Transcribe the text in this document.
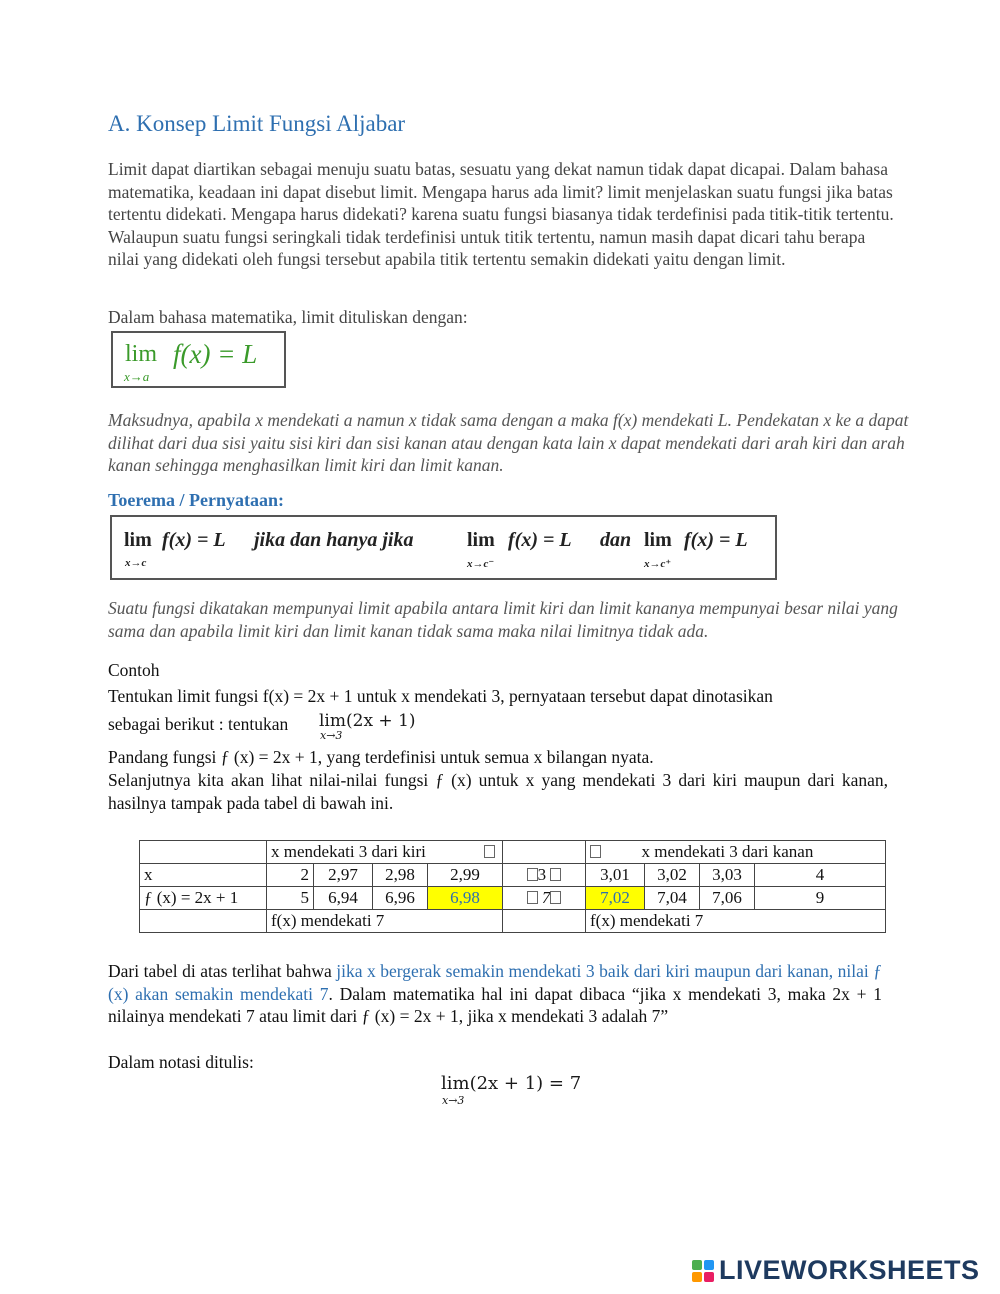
A. Konsep Limit Fungsi Aljabar
Limit dapat diartikan sebagai menuju suatu batas, sesuatu yang dekat namun tidak dapat dicapai. Dalam bahasa matematika, keadaan ini dapat disebut limit. Mengapa harus ada limit? limit menjelaskan suatu fungsi jika batas tertentu didekati. Mengapa harus didekati? karena suatu fungsi biasanya tidak terdefinisi pada titik-titik tertentu. Walaupun suatu fungsi seringkali tidak terdefinisi untuk titik tertentu, namun masih dapat dicari tahu berapa nilai yang didekati oleh fungsi tersebut apabila titik tertentu semakin didekati yaitu dengan limit.
Dalam bahasa matematika, limit dituliskan dengan:
lim
x→a
f(x) = L
Maksudnya, apabila x mendekati a namun x tidak sama dengan a maka f(x) mendekati L. Pendekatan x ke a dapat dilihat dari dua sisi yaitu sisi kiri dan sisi kanan atau dengan kata lain x dapat mendekati dari arah kiri dan arah kanan sehingga menghasilkan limit kiri dan limit kanan.
Toerema / Pernyataan:
lim
x→c
f(x) = L jika dan hanya jika	lim
x→c⁻
f(x) = L dan lim
x→c⁺
f(x) = L
Suatu fungsi dikatakan mempunyai limit apabila antara limit kiri dan limit kananya mempunyai besar nilai yang sama dan apabila limit kiri dan limit kanan tidak sama maka nilai limitnya tidak ada.
Contoh
Tentukan limit fungsi f(x) = 2x + 1 untuk x mendekati 3, pernyataan tersebut dapat dinotasikan
sebagai berikut : tentukan	lim(2x + 1)
x→3
Pandang fungsi ƒ (x) = 2x + 1, yang terdefinisi untuk semua x bilangan nyata.
Selanjutnya kita akan lihat nilai-nilai fungsi ƒ (x) untuk x yang mendekati 3 dari kiri maupun dari kanan, hasilnya tampak pada tabel di bawah ini.
	x mendekati 3 dari kiri					x mendekati 3 dari kanan			
x	2	2,97	2,98	2,99	3	3,01	3,02	3,03	4
ƒ (x) = 2x + 1	5	6,94	6,96	6,98	7	7,02	7,04	7,06	9
	f(x) mendekati 7					f(x) mendekati 7			
Dari tabel di atas terlihat bahwa jika x bergerak semakin mendekati 3 baik dari kiri maupun dari kanan, nilai ƒ (x) akan semakin mendekati 7. Dalam matematika hal ini dapat dibaca “jika x mendekati 3, maka 2x + 1 nilainya mendekati 7 atau limit dari ƒ (x) = 2x + 1, jika x mendekati 3 adalah 7”
Dalam notasi ditulis:
lim(2x + 1) = 7
x→3
LIVEWORKSHEETS
